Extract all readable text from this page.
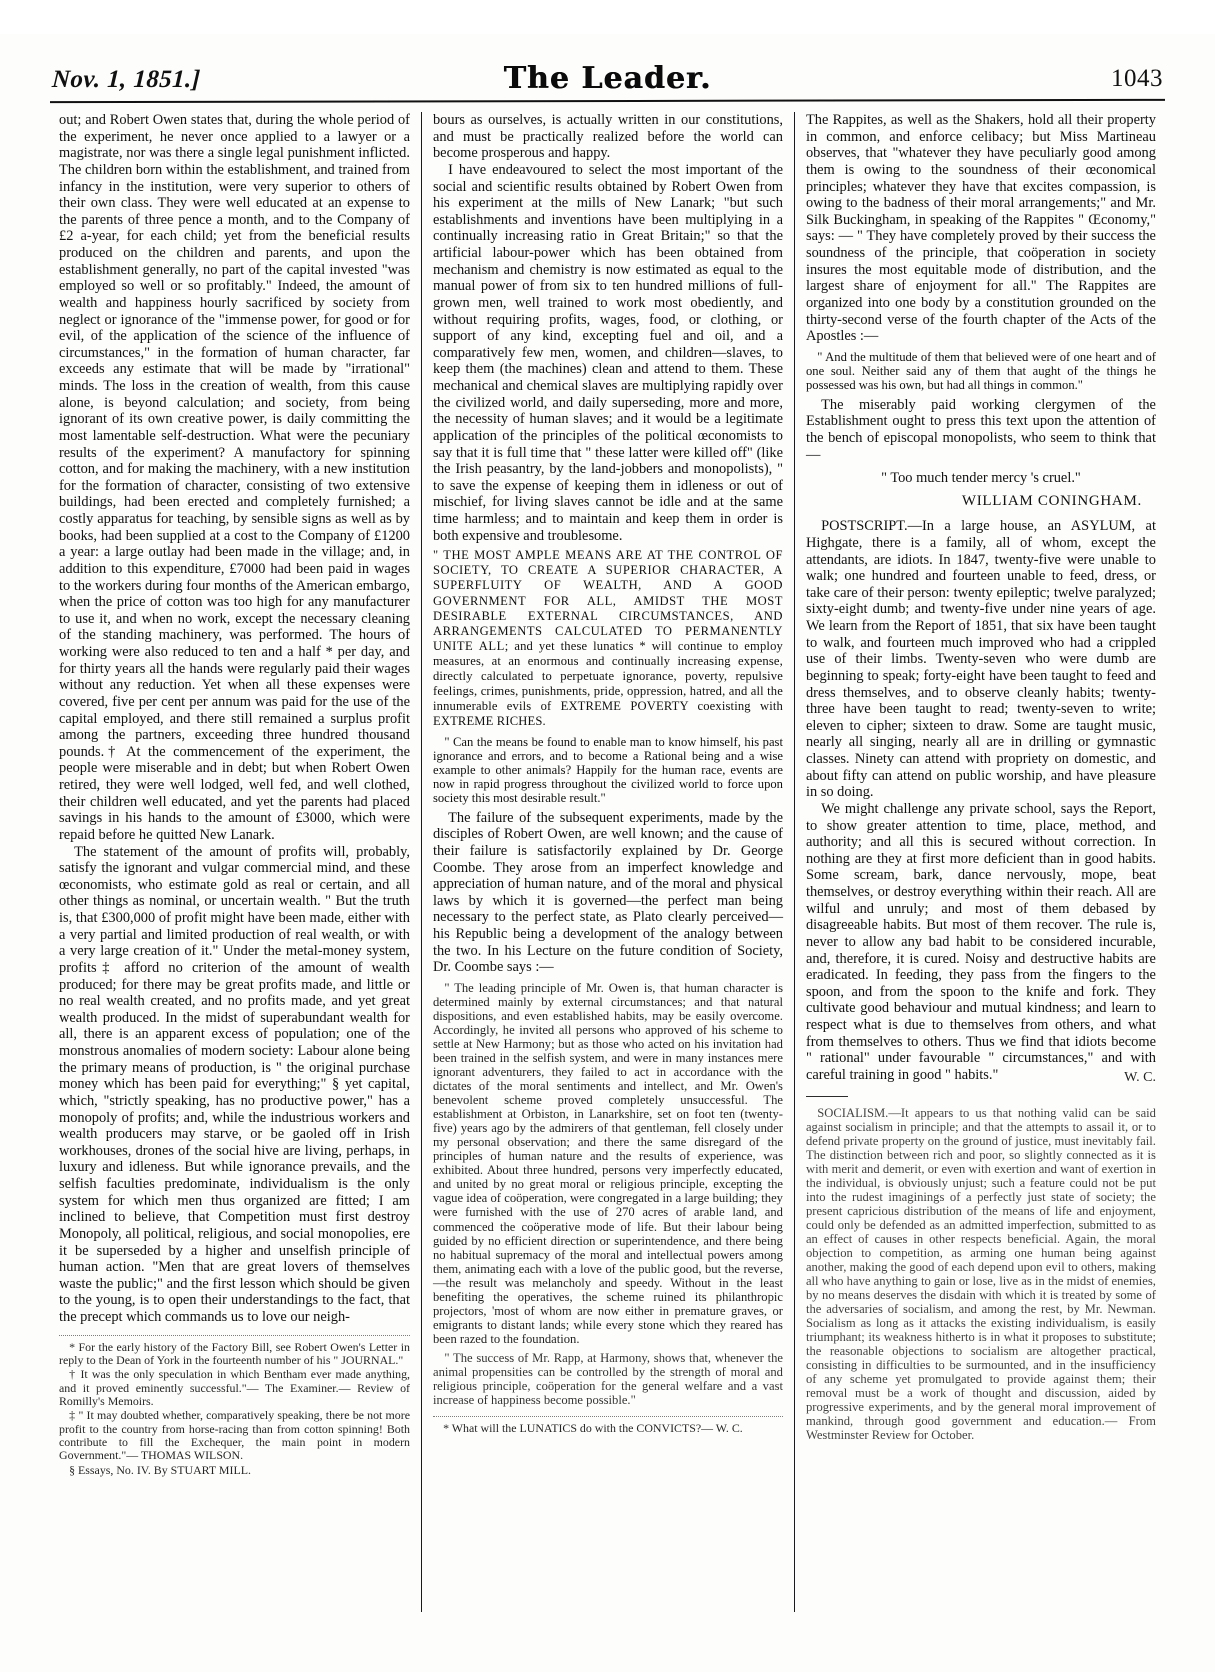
Nov. 1, 1851.]	The Leader.	1043

out; and Robert Owen states that, during the whole period of the experiment, he never once applied to a lawyer or a magistrate, nor was there a single legal punishment inflicted. The children born within the establishment, and trained from infancy in the institution, were very superior to others of their own class. They were well educated at an expense to the parents of three pence a month, and to the Company of £2 a-year, for each child; yet from the beneficial results produced on the children and parents, and upon the establishment generally, no part of the capital invested "was employed so well or so profitably." Indeed, the amount of wealth and happiness hourly sacrificed by society from neglect or ignorance of the "immense power, for good or for evil, of the application of the science of the influence of circumstances," in the formation of human character, far exceeds any estimate that will be made by "irrational" minds. The loss in the creation of wealth, from this cause alone, is beyond calculation; and society, from being ignorant of its own creative power, is daily committing the most lamentable self-destruction. What were the pecuniary results of the experiment? A manufactory for spinning cotton, and for making the machinery, with a new institution for the formation of character, consisting of two extensive buildings, had been erected and completely furnished; a costly apparatus for teaching, by sensible signs as well as by books, had been supplied at a cost to the Company of £1200 a year: a large outlay had been made in the village; and, in addition to this expenditure, £7000 had been paid in wages to the workers during four months of the American embargo, when the price of cotton was too high for any manufacturer to use it, and when no work, except the necessary cleaning of the standing machinery, was performed. The hours of working were also reduced to ten and a half * per day, and for thirty years all the hands were regularly paid their wages without any reduction. Yet when all these expenses were covered, five per cent per annum was paid for the use of the capital employed, and there still remained a surplus profit among the partners, exceeding three hundred thousand pounds.† At the commencement of the experiment, the people were miserable and in debt; but when Robert Owen retired, they were well lodged, well fed, and well clothed, their children well educated, and yet the parents had placed savings in his hands to the amount of £3000, which were repaid before he quitted New Lanark.

The statement of the amount of profits will, probably, satisfy the ignorant and vulgar commercial mind, and these œconomists, who estimate gold as real or certain, and all other things as nominal, or uncertain wealth. " But the truth is, that £300,000 of profit might have been made, either with a very partial and limited production of real wealth, or with a very large creation of it." Under the metal-money system, profits‡ afford no criterion of the amount of wealth produced; for there may be great profits made, and little or no real wealth created, and no profits made, and yet great wealth produced. In the midst of superabundant wealth for all, there is an apparent excess of population; one of the monstrous anomalies of modern society: Labour alone being the primary means of production, is " the original purchase money which has been paid for everything;" § yet capital, which, "strictly speaking, has no productive power," has a monopoly of profits; and, while the industrious workers and wealth producers may starve, or be gaoled off in Irish workhouses, drones of the social hive are living, perhaps, in luxury and idleness. But while ignorance prevails, and the selfish faculties predominate, individualism is the only system for which men thus organized are fitted; I am inclined to believe, that Competition must first destroy Monopoly, all political, religious, and social monopolies, ere it be superseded by a higher and unselfish principle of human action. "Men that are great lovers of themselves waste the public;" and the first lesson which should be given to the young, is to open their understandings to the fact, that the precept which commands us to love our neigh-

* For the early history of the Factory Bill, see Robert Owen's Letter in reply to the Dean of York in the fourteenth number of his " JOURNAL."

† It was the only speculation in which Bentham ever made anything, and it proved eminently successful."— The Examiner.— Review of Romilly's Memoirs.

‡ " It may doubted whether, comparatively speaking, there be not more profit to the country from horse-racing than from cotton spinning! Both contribute to fill the Exchequer, the main point in modern Government."— THOMAS WILSON.

§ Essays, No. IV. By STUART MILL.

bours as ourselves, is actually written in our constitutions, and must be practically realized before the world can become prosperous and happy.

I have endeavoured to select the most important of the social and scientific results obtained by Robert Owen from his experiment at the mills of New Lanark; "but such establishments and inventions have been multiplying in a continually increasing ratio in Great Britain;" so that the artificial labour-power which has been obtained from mechanism and chemistry is now estimated as equal to the manual power of from six to ten hundred millions of full-grown men, well trained to work most obediently, and without requiring profits, wages, food, or clothing, or support of any kind, excepting fuel and oil, and a comparatively few men, women, and children—slaves, to keep them (the machines) clean and attend to them. These mechanical and chemical slaves are multiplying rapidly over the civilized world, and daily superseding, more and more, the necessity of human slaves; and it would be a legitimate application of the principles of the political œconomists to say that it is full time that " these latter were killed off" (like the Irish peasantry, by the land-jobbers and monopolists), " to save the expense of keeping them in idleness or out of mischief, for living slaves cannot be idle and at the same time harmless; and to maintain and keep them in order is both expensive and troublesome.

" THE MOST AMPLE MEANS ARE AT THE CONTROL OF SOCIETY, TO CREATE A SUPERIOR CHARACTER, A SUPERFLUITY OF WEALTH, AND A GOOD GOVERNMENT FOR ALL, AMIDST THE MOST DESIRABLE EXTERNAL CIRCUMSTANCES, AND ARRANGEMENTS CALCULATED TO PERMANENTLY UNITE ALL; and yet these lunatics * will continue to employ measures, at an enormous and continually increasing expense, directly calculated to perpetuate ignorance, poverty, repulsive feelings, crimes, punishments, pride, oppression, hatred, and all the innumerable evils of EXTREME POVERTY coexisting with EXTREME RICHES.

" Can the means be found to enable man to know himself, his past ignorance and errors, and to become a Rational being and a wise example to other animals? Happily for the human race, events are now in rapid progress throughout the civilized world to force upon society this most desirable result."

The failure of the subsequent experiments, made by the disciples of Robert Owen, are well known; and the cause of their failure is satisfactorily explained by Dr. George Coombe. They arose from an imperfect knowledge and appreciation of human nature, and of the moral and physical laws by which it is governed—the perfect man being necessary to the perfect state, as Plato clearly perceived—his Republic being a development of the analogy between the two. In his Lecture on the future condition of Society, Dr. Coombe says :—

" The leading principle of Mr. Owen is, that human character is determined mainly by external circumstances; and that natural dispositions, and even established habits, may be easily overcome. Accordingly, he invited all persons who approved of his scheme to settle at New Harmony; but as those who acted on his invitation had been trained in the selfish system, and were in many instances mere ignorant adventurers, they failed to act in accordance with the dictates of the moral sentiments and intellect, and Mr. Owen's benevolent scheme proved completely unsuccessful. The establishment at Orbiston, in Lanarkshire, set on foot ten (twenty-five) years ago by the admirers of that gentleman, fell closely under my personal observation; and there the same disregard of the principles of human nature and the results of experience, was exhibited. About three hundred, persons very imperfectly educated, and united by no great moral or religious principle, excepting the vague idea of coöperation, were congregated in a large building; they were furnished with the use of 270 acres of arable land, and commenced the coöperative mode of life. But their labour being guided by no efficient direction or superintendence, and there being no habitual supremacy of the moral and intellectual powers among them, animating each with a love of the public good, but the reverse,—the result was melancholy and speedy. Without in the least benefiting the operatives, the scheme ruined its philanthropic projectors, 'most of whom are now either in premature graves, or emigrants to distant lands; while every stone which they reared has been razed to the foundation.

" The success of Mr. Rapp, at Harmony, shows that, whenever the animal propensities can be controlled by the strength of moral and religious principle, coöperation for the general welfare and a vast increase of happiness become possible."

* What will the LUNATICS do with the CONVICTS?— W. C.

The Rappites, as well as the Shakers, hold all their property in common, and enforce celibacy; but Miss Martineau observes, that "whatever they have peculiarly good among them is owing to the soundness of their œconomical principles; whatever they have that excites compassion, is owing to the badness of their moral arrangements;" and Mr. Silk Buckingham, in speaking of the Rappites " Œconomy," says: — " They have completely proved by their success the soundness of the principle, that coöperation in society insures the most equitable mode of distribution, and the largest share of enjoyment for all." The Rappites are organized into one body by a constitution grounded on the thirty-second verse of the fourth chapter of the Acts of the Apostles :—

" And the multitude of them that believed were of one heart and of one soul. Neither said any of them that aught of the things he possessed was his own, but had all things in common."

The miserably paid working clergymen of the Establishment ought to press this text upon the attention of the bench of episcopal monopolists, who seem to think that—

" Too much tender mercy 's cruel."
WILLIAM CONINGHAM.

POSTSCRIPT.—In a large house, an ASYLUM, at Highgate, there is a family, all of whom, except the attendants, are idiots. In 1847, twenty-five were unable to walk; one hundred and fourteen unable to feed, dress, or take care of their person: twenty epileptic; twelve paralyzed; sixty-eight dumb; and twenty-five under nine years of age. We learn from the Report of 1851, that six have been taught to walk, and fourteen much improved who had a crippled use of their limbs. Twenty-seven who were dumb are beginning to speak; forty-eight have been taught to feed and dress themselves, and to observe cleanly habits; twenty-three have been taught to read; twenty-seven to write; eleven to cipher; sixteen to draw. Some are taught music, nearly all singing, nearly all are in drilling or gymnastic classes. Ninety can attend with propriety on domestic, and about fifty can attend on public worship, and have pleasure in so doing.

We might challenge any private school, says the Report, to show greater attention to time, place, method, and authority; and all this is secured without correction. In nothing are they at first more deficient than in good habits. Some scream, bark, dance nervously, mope, beat themselves, or destroy everything within their reach. All are wilful and unruly; and most of them debased by disagreeable habits. But most of them recover. The rule is, never to allow any bad habit to be considered incurable, and, therefore, it is cured. Noisy and destructive habits are eradicated. In feeding, they pass from the fingers to the spoon, and from the spoon to the knife and fork. They cultivate good behaviour and mutual kindness; and learn to respect what is due to themselves from others, and what from themselves to others. Thus we find that idiots become " rational" under favourable " circumstances," and with careful training in good " habits."	W. C.

SOCIALISM.—It appears to us that nothing valid can be said against socialism in principle; and that the attempts to assail it, or to defend private property on the ground of justice, must inevitably fail. The distinction between rich and poor, so slightly connected as it is with merit and demerit, or even with exertion and want of exertion in the individual, is obviously unjust; such a feature could not be put into the rudest imaginings of a perfectly just state of society; the present capricious distribution of the means of life and enjoyment, could only be defended as an admitted imperfection, submitted to as an effect of causes in other respects beneficial. Again, the moral objection to competition, as arming one human being against another, making the good of each depend upon evil to others, making all who have anything to gain or lose, live as in the midst of enemies, by no means deserves the disdain with which it is treated by some of the adversaries of socialism, and among the rest, by Mr. Newman. Socialism as long as it attacks the existing individualism, is easily triumphant; its weakness hitherto is in what it proposes to substitute; the reasonable objections to socialism are altogether practical, consisting in difficulties to be surmounted, and in the insufficiency of any scheme yet promulgated to provide against them; their removal must be a work of thought and discussion, aided by progressive experiments, and by the general moral improvement of mankind, through good government and education.— From Westminster Review for October.
